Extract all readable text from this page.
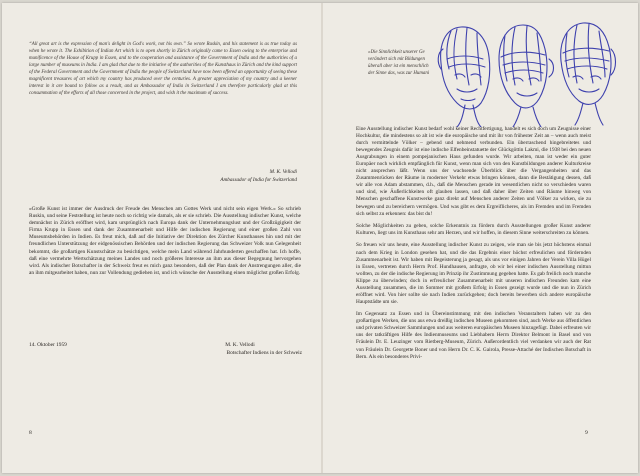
“All great art is the expression of man's delight in God's work, not his own.” So wrote Ruskin, and his statement is as true today as when he wrote it. The Exhibition of Indian Art which is to open shortly in Zürich originally came to Essen owing to the enterprise and munificence of the House of Krupp in Essen, and to the cooperation and assistance of the Government of India and the authorities of a large number of museums in India. I am glad that due to the initiative of the authorities of the Kunsthaus in Zürich and the kind support of the Federal Government and the Government of India the people of Switzerland have now been offered an opportunity of seeing these magnificent treasures of art which my country has produced over the centuries. A greater appreciation of my country and a keener interest in it are bound to follow as a result, and as Ambassador of India in Switzerland I am therefore particularly glad at this consummation of the efforts of all those concerned in the project, and wish it the maximum of success.

M. K. Vellodi

Ambassador of India for Switzerland

«Große Kunst ist immer der Ausdruck der Freude des Menschen am Gottes Werk und nicht sein eigen Werk.» So schrieb Ruskin, und seine Feststellung ist heute noch so richtig wie damals, als er sie schrieb. Die Ausstellung indischer Kunst, welche demnächst in Zürich eröffnet wird, kam ursprünglich nach Europa dank der Unternehmungslust und der Großzügigkeit der Firma Krupp in Essen und dank der Zusammenarbeit und Hilfe der indischen Regierung und einer großen Zahl von Museumsbehörden in Indien. Es freut mich, daß auf die Initiative der Direktion des Zürcher Kunsthauses hin und mit der freundlichen Unterstützung der eidgenössischen Behörden und der indischen Regierung das Schweizer Volk nun Gelegenheit bekommt, die großartigen Kunstschätze zu besichtigen, welche mein Land während Jahrhunderten geschaffen hat. Ich hoffe, daß eine vermehrte Wertschätzung meines Landes und noch größeres Interesse an ihm aus dieser Begegnung hervorgehen wird. Als indischer Botschafter in der Schweiz freut es mich ganz besonders, daß der Plan dank der Anstrengungen aller, die an ihm mitgearbeitet haben, nun zur Vollendung gediehen ist, und ich wünsche der Ausstellung einen möglichst großen Erfolg.

14. Oktober 1959	M. K. Vellodi

Botschafter Indiens in der Schweiz

8
«Die Sinnlichkeit unserer Ge
verändert sich mit Bildungen
überall aber ist ein menschlich
der Sinne das, was zur Humani

Eine Ausstellung indischer Kunst bedarf wohl keiner Rechtfertigung, handelt es sich doch um Zeugnisse einer Hochkultur, die mindestens so alt ist wie die europäische und mit ihr von frühester Zeit an – wenn auch meist durch vermittelnde Völker – gebend und nehmend verbunden. Ein überraschend hingebreitetes und bewegendes Zeugnis dafür ist eine indische Elfenbeinstatuette der Glückgöttin Lakmi, die 1938 bei den neuen Ausgrabungen in einem pompejanischen Haus gefunden wurde. Wir arbeiten, man ist weder ein guter Europäer noch wirklich empfänglich für Kunst, wenn man sich von den Kunstbildungen anderer Kulturkreise nicht ansprechen läßt. Wenn uns der wachsende Überblick über die Vergangenheiten und das Zusammenrücken der Räume in moderner Verkehr etwas bringen können, dann die Bestätigung dessen, daß wir alle von Adam abstammen, d.h., daß die Menschen gerade im wesentlichen nicht so verschieden waren und sind, wie Äußerlichkeiten oft glauben lassen, und daß daher über Zeiten und Räume hinweg von Menschen geschaffene Kunstwerke ganz direkt auf Menschen anderer Zeiten und Völker zu wirken, sie zu bewegen und zu bereichern vermögen. Und was gibt es dem Ergreiflicheres, als im Fremden und im Fremden sich selbst zu erkennen: das bist du!

Solche Möglichkeiten zu geben, solche Erkenntnis zu fördern durch Ausstellungen großer Kunst anderer Kulturen, liegt uns im Kunsthaus sehr am Herzen, und wir hoffen, in diesem Sinne weiterschreiten zu können.

So freuen wir uns heute, eine Ausstellung indischer Kunst zu zeigen, wie man sie bis jetzt höchstens einmal nach dem Krieg in London gesehen hat, und die das Ergebnis einer höchst erfreulichen und fördernden Zusammenarbeit ist. Wir haben mit Begeisterung ja gesagt, als uns vor einigen Jahren der Verein Villa Hügel in Essen, vertreten durch Herrn Prof. Hundhausen, anfragte, ob wir bei einer indischen Ausstellung mittun wollten, zu der die indische Regierung im Prinzip ihr Zustimmung gegeben hatte. Es gab freilich noch manche Klippe zu überwinden; doch in erfreulicher Zusammenarbeit mit unseren indischen Freunden kam eine Ausstellung zusammen, die im Sommer mit großem Erfolg in Essen gezeigt wurde und die nun in Zürich eröffnet wird. Von hier sollte sie nach Indien zurückgehen; doch bereits bewerben sich andere europäische Hauptstädte um sie.

Im Gegensatz zu Essen und in Übereinstimmung mit den indischen Veranstaltern haben wir zu den großartigen Werken, die uns aus etwa dreißig indischen Museen gekommen sind, auch Werke aus öffentlichen und privaten Schweizer Sammlungen und aus weiteren europäischen Museen hinzugefügt. Dabei erfreuten wir uns der tatkräftigen Hilfe des Indienmuseums und Liebhabern Herrn Direktor Belmont in Basel und von Fräulein Dr. E. Leuzinger vom Rietberg-Museum, Zürich. Außerordentlich viel verdanken wir auch der Rat von Fräulein Dr. Georgette Boner und von Herrn Dr. C. K. Gairola, Presse-Attaché der Indischen Botschaft in Bern. Als ein besonderes Privi-

9
